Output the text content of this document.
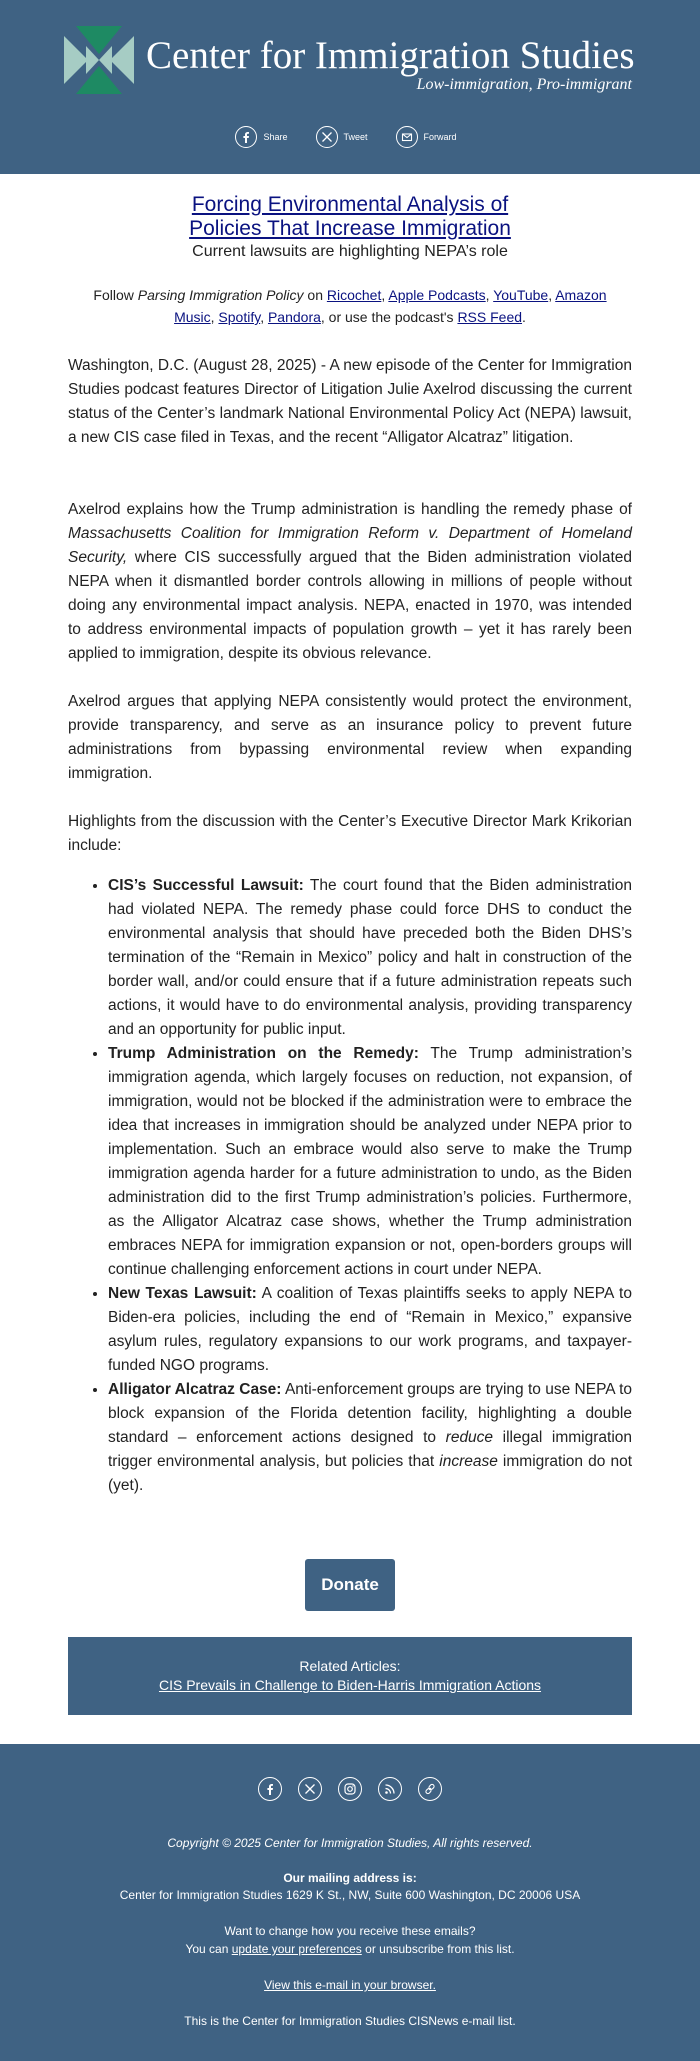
Center for Immigration Studies
Low-immigration, Pro-immigrant
Share	Tweet	Forward
Forcing Environmental Analysis of Policies That Increase Immigration
Current lawsuits are highlighting NEPA’s role
Follow Parsing Immigration Policy on Ricochet, Apple Podcasts, YouTube, Amazon Music, Spotify, Pandora, or use the podcast's RSS Feed.
Washington, D.C. (August 28, 2025) - A new episode of the Center for Immigration Studies podcast features Director of Litigation Julie Axelrod discussing the current status of the Center’s landmark National Environmental Policy Act (NEPA) lawsuit, a new CIS case filed in Texas, and the recent “Alligator Alcatraz” litigation.
Axelrod explains how the Trump administration is handling the remedy phase of Massachusetts Coalition for Immigration Reform v. Department of Homeland Security, where CIS successfully argued that the Biden administration violated NEPA when it dismantled border controls allowing in millions of people without doing any environmental impact analysis. NEPA, enacted in 1970, was intended to address environmental impacts of population growth – yet it has rarely been applied to immigration, despite its obvious relevance.
Axelrod argues that applying NEPA consistently would protect the environment, provide transparency, and serve as an insurance policy to prevent future administrations from bypassing environmental review when expanding immigration.
Highlights from the discussion with the Center’s Executive Director Mark Krikorian include:
• CIS’s Successful Lawsuit: The court found that the Biden administration had violated NEPA. The remedy phase could force DHS to conduct the environmental analysis that should have preceded both the Biden DHS’s termination of the “Remain in Mexico” policy and halt in construction of the border wall, and/or could ensure that if a future administration repeats such actions, it would have to do environmental analysis, providing transparency and an opportunity for public input.
• Trump Administration on the Remedy: The Trump administration’s immigration agenda, which largely focuses on reduction, not expansion, of immigration, would not be blocked if the administration were to embrace the idea that increases in immigration should be analyzed under NEPA prior to implementation. Such an embrace would also serve to make the Trump immigration agenda harder for a future administration to undo, as the Biden administration did to the first Trump administration’s policies. Furthermore, as the Alligator Alcatraz case shows, whether the Trump administration embraces NEPA for immigration expansion or not, open-borders groups will continue challenging enforcement actions in court under NEPA.
• New Texas Lawsuit: A coalition of Texas plaintiffs seeks to apply NEPA to Biden-era policies, including the end of “Remain in Mexico,” expansive asylum rules, regulatory expansions to our work programs, and taxpayer-funded NGO programs.
• Alligator Alcatraz Case: Anti-enforcement groups are trying to use NEPA to block expansion of the Florida detention facility, highlighting a double standard – enforcement actions designed to reduce illegal immigration trigger environmental analysis, but policies that increase immigration do not (yet).
Donate
Related Articles:
CIS Prevails in Challenge to Biden-Harris Immigration Actions
Copyright © 2025 Center for Immigration Studies, All rights reserved.
Our mailing address is:
Center for Immigration Studies 1629 K St., NW, Suite 600 Washington, DC 20006 USA
Want to change how you receive these emails?
You can update your preferences or unsubscribe from this list.
View this e-mail in your browser.
This is the Center for Immigration Studies CISNews e-mail list.
